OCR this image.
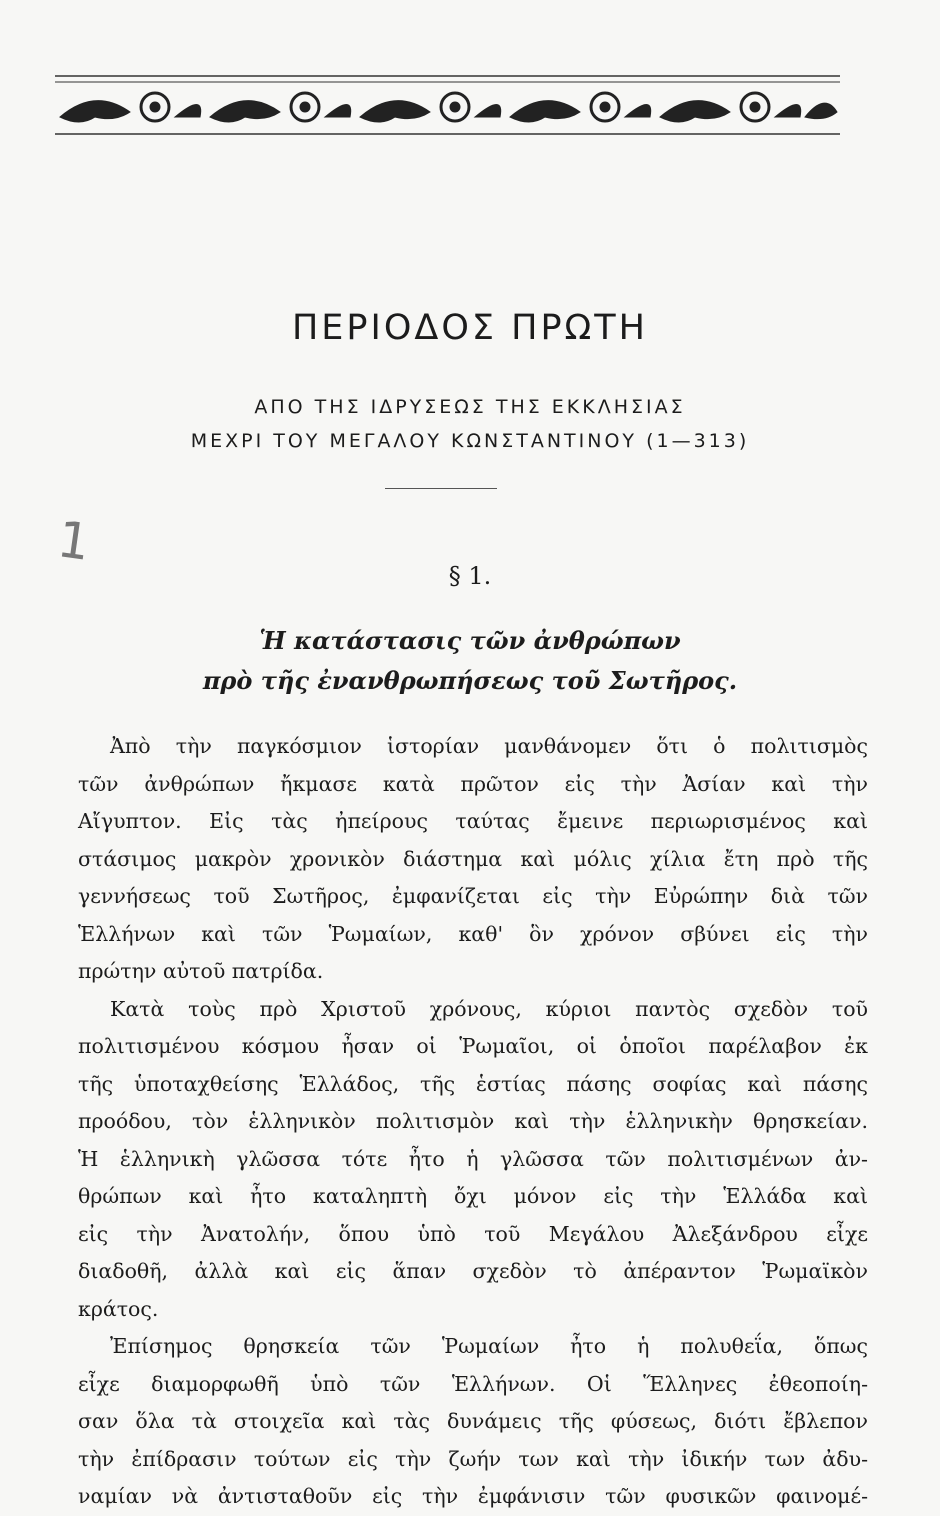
ΠΕΡΙΟΔΟΣ ΠΡΩΤΗ
ΑΠΟ ΤΗΣ ΙΔΡΥΣΕΩΣ ΤΗΣ ΕΚΚΛΗΣΙΑΣ
ΜΕΧΡΙ ΤΟΥ ΜΕΓΑΛΟΥ ΚΩΝΣΤΑΝΤΙΝΟΥ (1—313)
1
§ 1.
Ἡ κατάστασις τῶν ἀνθρώπων
πρὸ τῆς ἐνανθρωπήσεως τοῦ Σωτῆρος.
Ἀπὸ τὴν παγκόσμιον ἱστορίαν μανθάνομεν ὅτι ὁ πολιτισμὸς
τῶν ἀνθρώπων ἤκμασε κατὰ πρῶτον εἰς τὴν Ἀσίαν καὶ τὴν
Αἴγυπτον. Εἰς τὰς ἠπείρους ταύτας ἔμεινε περιωρισμένος καὶ
στάσιμος μακρὸν χρονικὸν διάστημα καὶ μόλις χίλια ἔτη πρὸ τῆς
γεννήσεως τοῦ Σωτῆρος, ἐμφανίζεται εἰς τὴν Εὐρώπην διὰ τῶν
Ἑλλήνων καὶ τῶν Ῥωμαίων, καθ' ὃν χρόνον σβύνει εἰς τὴν
πρώτην αὐτοῦ πατρίδα.
Κατὰ τοὺς πρὸ Χριστοῦ χρόνους, κύριοι παντὸς σχεδὸν τοῦ
πολιτισμένου κόσμου ἦσαν οἱ Ῥωμαῖοι, οἱ ὁποῖοι παρέλαβον ἐκ
τῆς ὑποταχθείσης Ἑλλάδος, τῆς ἑστίας πάσης σοφίας καὶ πάσης
προόδου, τὸν ἑλληνικὸν πολιτισμὸν καὶ τὴν ἑλληνικὴν θρησκείαν.
Ἡ ἑλληνικὴ γλῶσσα τότε ἦτο ἡ γλῶσσα τῶν πολιτισμένων ἀν-
θρώπων καὶ ἦτο καταληπτὴ ὄχι μόνον εἰς τὴν Ἑλλάδα καὶ
εἰς τὴν Ἀνατολήν, ὅπου ὑπὸ τοῦ Μεγάλου Ἀλεξάνδρου εἶχε
διαδοθῆ, ἀλλὰ καὶ εἰς ἅπαν σχεδὸν τὸ ἀπέραντον Ῥωμαϊκὸν
κράτος.
Ἐπίσημος θρησκεία τῶν Ῥωμαίων ἦτο ἡ πολυθεΐα, ὅπως
εἶχε διαμορφωθῆ ὑπὸ τῶν Ἑλλήνων. Οἱ Ἕλληνες ἐθεοποίη-
σαν ὅλα τὰ στοιχεῖα καὶ τὰς δυνάμεις τῆς φύσεως, διότι ἔβλεπον
τὴν ἐπίδρασιν τούτων εἰς τὴν ζωήν των καὶ τὴν ἰδικήν των ἀδυ-
ναμίαν νὰ ἀντισταθοῦν εἰς τὴν ἐμφάνισιν τῶν φυσικῶν φαινομέ-
